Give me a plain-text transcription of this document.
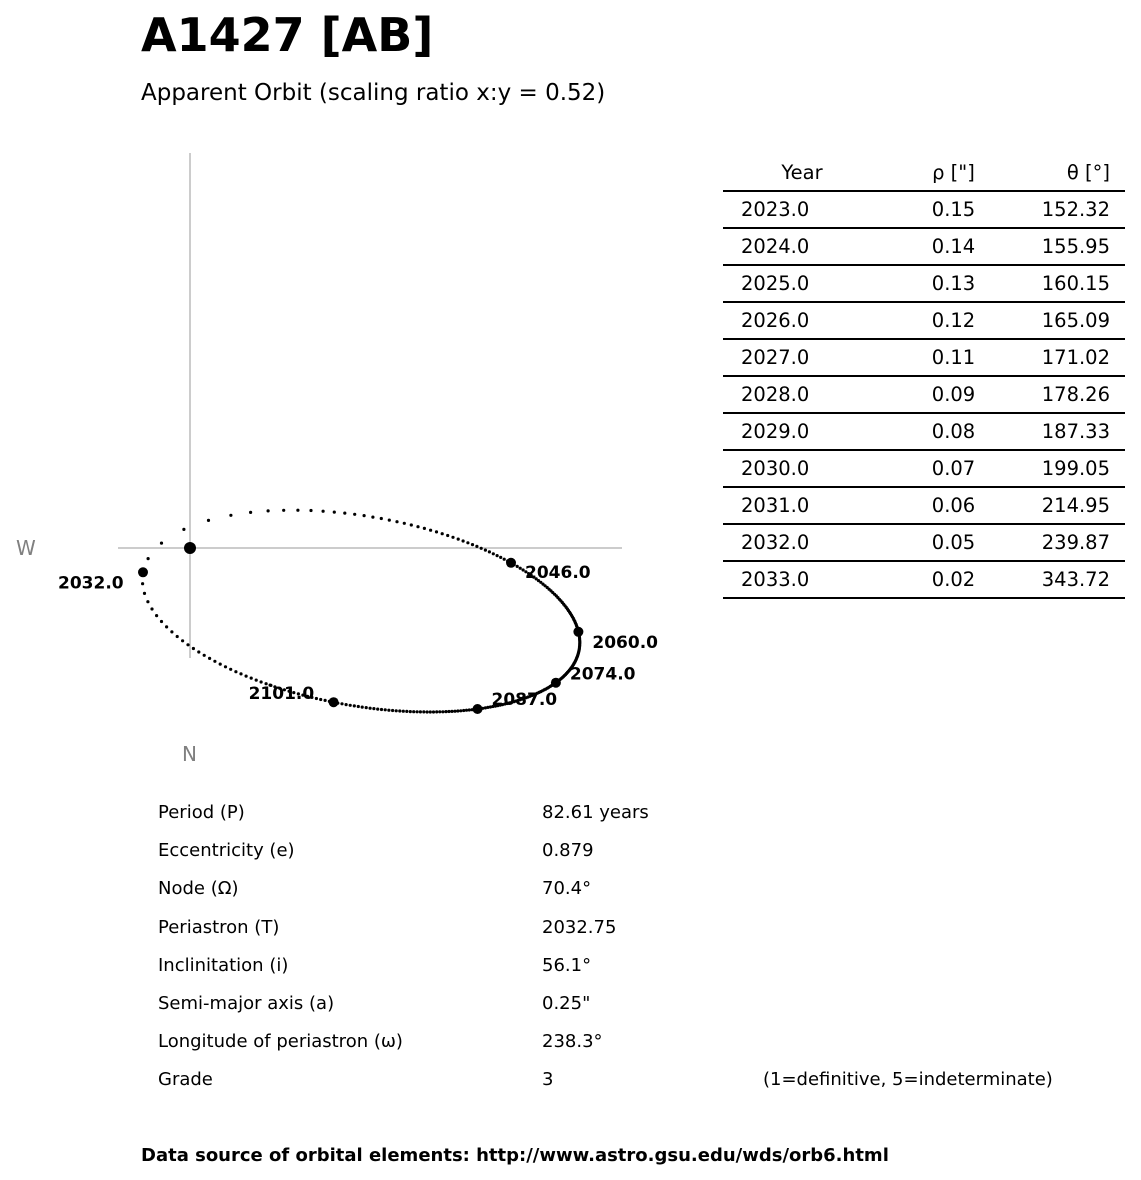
A1427 [AB]

Apparent Orbit (scaling ratio x:y = 0.52)

2032.0
2046.0
2060.0
2074.0
2087.0
2101.0
W
N
Year	ρ ["]	θ [°]
2023.0	0.15	152.32
2024.0	0.14	155.95
2025.0	0.13	160.15
2026.0	0.12	165.09
2027.0	0.11	171.02
2028.0	0.09	178.26
2029.0	0.08	187.33
2030.0	0.07	199.05
2031.0	0.06	214.95
2032.0	0.05	239.87
2033.0	0.02	343.72
Period (P)	82.61 years
Eccentricity (e)	0.879
Node (Ω)	70.4°
Periastron (T)	2032.75
Inclinitation (i)	56.1°
Semi-major axis (a)	0.25"
Longitude of periastron (ω)	238.3°
Grade	3	(1=definitive, 5=indeterminate)

Data source of orbital elements: http://www.astro.gsu.edu/wds/orb6.html
